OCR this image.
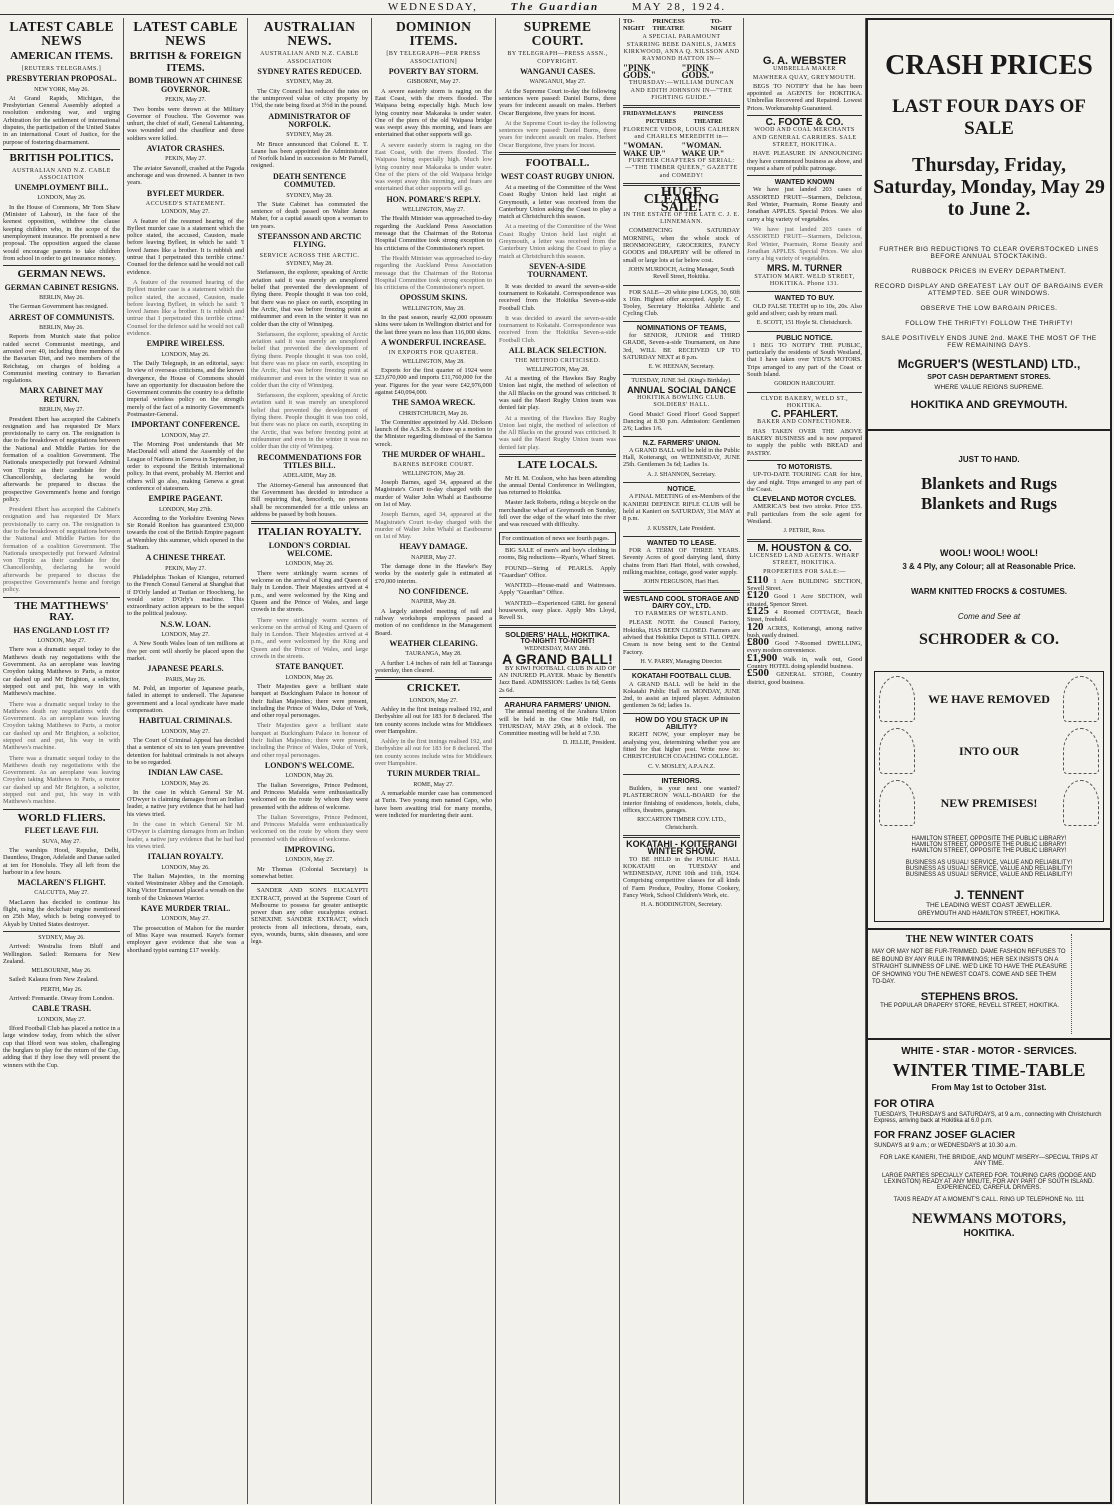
WEDNESDAY,	The Guardian	MAY 28, 1924.
LATEST CABLE NEWS
AMERICAN ITEMS.
[REUTERS TELEGRAMS.]
PRESBYTERIAN PROPOSAL.
NEW YORK, May 26.

At Grand Rapids, Michigan, the Presbyterian General Assembly adopted a resolution endorsing war, and urging Arbitration for the settlement of international disputes, the participation of the United States in an international Court of Justice, for the purpose of fostering disarmament.

BRITISH POLITICS.
AUSTRALIAN AND N.Z. CABLE ASSOCIATION
UNEMPLOYMENT BILL.
LONDON, May 26.

In the House of Commons, Mr Tom Shaw (Minister of Labour), in the face of the keenest opposition, withdrew the clause keeping children who, in the scope of the unemployment insurance. He promised a new proposal. The opposition argued the clause would encourage parents to take children from school in order to get insurance money.

GERMAN NEWS.
GERMAN CABINET RESIGNS.
BERLIN, May 26.

The German Government has resigned.

ARREST OF COMMUNISTS.
BERLIN, May 26.

Reports from Munich state that police raided secret Communist meetings, and arrested over 40, including three members of the Bavarian Diet, and two members of the Reichstag, on charges of holding a Communist meeting contrary to Bavarian regulations.

MARX CABINET MAY RETURN.
BERLIN, May 27.

President Ebert has accepted the Cabinet's resignation and has requested Dr Marx provisionally to carry on. The resignation is due to the breakdown of negotiations between the National and Middle Parties for the formation of a coalition Government. The Nationals unexpectedly put forward Admiral von Tirpitz as their candidate for the Chancellorship, declaring he would afterwards be prepared to discuss the prospective Government's home and foreign policy.

President Ebert has accepted the Cabinet's resignation and has requested Dr Marx provisionally to carry on. The resignation is due to the breakdown of negotiations between the National and Middle Parties for the formation of a coalition Government. The Nationals unexpectedly put forward Admiral von Tirpitz as their candidate for the Chancellorship, declaring he would afterwards be prepared to discuss the prospective Government's home and foreign policy.

THE MATTHEWS' RAY.
HAS ENGLAND LOST IT?
LONDON, May 27.

There was a dramatic sequel today to the Matthews death ray negotiations with the Government. As an aeroplane was leaving Croydon taking Matthews to Paris, a motor car dashed up and Mr Brighton, a solicitor, stepped out and put, his way in with Matthews's machine.

There was a dramatic sequel today to the Matthews death ray negotiations with the Government. As an aeroplane was leaving Croydon taking Matthews to Paris, a motor car dashed up and Mr Brighton, a solicitor, stepped out and put, his way in with Matthews's machine.

There was a dramatic sequel today to the Matthews death ray negotiations with the Government. As an aeroplane was leaving Croydon taking Matthews to Paris, a motor car dashed up and Mr Brighton, a solicitor, stepped out and put, his way in with Matthews's machine.

WORLD FLIERS.
FLEET LEAVE FIJI.
SUVA, May 27.

The warships Hood, Repulse, Delhi, Dauntless, Dragon, Adelaide and Danae sailed at ten for Honolulu. They all left from the harbour in a few hours.

MACLAREN'S FLIGHT.
CALCUTTA, May 27.

MacLaren has decided to continue his flight, using the deckchair engine mentioned on 25th May, which is being conveyed to Akyab by United States destroyer.

SYDNEY, May 26.

Arrived: Westralia from Bluff and Wellington. Sailed: Remuera for New Zealand.

MELBOURNE, May 26.

Sailed: Kalaura from New Zealand.

PERTH, May 26.

Arrived: Fremantle. Otway from London.

CABLE TRASH.
LONDON, May 27.

Ilford Football Club has placed a notice in a large window today, from which the silver cup that Ilford won was stolen, challenging the burglars to play for the return of the Cup, adding that if they lose they will present the winners with the Cup.

LATEST CABLE NEWS
BRITISH & FOREIGN ITEMS.
BOMB THROWN AT CHINESE GOVERNOR.
PEKIN, May 27.

Two bombs were thrown at the Military Governor of Fouchou. The Governor was unhurt, the chief of staff, General Lahtanning, was wounded and the chauffeur and three soldiers were killed.

AVIATOR CRASHES.
PEKIN, May 27.

The aviator Savanoff, crashed at the Pagoda anchorage and was drowned. A banner in two years.

BYFLEET MURDER.
ACCUSED'S STATEMENT.
LONDON, May 27.

A feature of the resumed hearing of the Byfleet murder case is a statement which the police stated, the accused, Causton, made before leaving Byfleet, in which he said: 'I loved James like a brother. It is rubbish and untrue that I perpetrated this terrible crime.' Counsel for the defence said he would not call evidence.

A feature of the resumed hearing of the Byfleet murder case is a statement which the police stated, the accused, Causton, made before leaving Byfleet, in which he said: 'I loved James like a brother. It is rubbish and untrue that I perpetrated this terrible crime.' Counsel for the defence said he would not call evidence.

EMPIRE WIRELESS.
LONDON, May 26.

The Daily Telegraph, in an editorial, says: In view of overseas criticisms, and the known divergence, the House of Commons should have an opportunity for discussion before the Government commits the country to a definite imperial wireless policy on the strength merely of the fact of a minority Government's Postmaster-General.

IMPORTANT CONFERENCE.
LONDON, May 27.

The Morning Post understands that Mr MacDonald will attend the Assembly of the League of Nations in Geneva in September, in order to expound the British international policy. In that event, probably M. Herriot and others will go also, making Geneva a great conference of statesmen.

EMPIRE PAGEANT.
LONDON, May 27th.

According to the Yorkshire Evening News Sir Ronald Ronlton has guaranteed £30,000 towards the cost of the British Empire pageant at Wembley this summer, which opened in the Stadium.

A CHINESE THREAT.
PEKIN, May 27.

Philadelphus Tsokan of Kiangsu, returned to the French Consul General at Shanghai that if D'Orly landed at Tsutian or Hoochieng, he would seize D'Orly's machine. This extraordinary action appears to be the sequel to the political jealousy.

N.S.W. LOAN.
LONDON, May 27.

A New South Wales loan of ten millions at five per cent will shortly be placed upon the market.

JAPANESE PEARLS.
PARIS, May 26.

M. Pold, an importer of Japanese pearls, failed in attempt to undersell. The Japanese government and a local syndicate have made compensation.

HABITUAL CRIMINALS.
LONDON, May 27.

The Court of Criminal Appeal has decided that a sentence of six to ten years preventive detention for habitual criminals is not always to be so regarded.

INDIAN LAW CASE.
LONDON, May 26.

In the case in which General Sir M. O'Dwyer is claiming damages from an Indian leader, a native jury evidence that he had had his views tried.

In the case in which General Sir M. O'Dwyer is claiming damages from an Indian leader, a native jury evidence that he had had his views tried.

ITALIAN ROYALTY.
LONDON, May 26.

The Italian Majesties, in the morning visited Westminster Abbey and the Cenotaph. King Victor Emmanuel placed a wreath on the tomb of the Unknown Warrior.

KAYE MURDER TRIAL.
LONDON, May 27.

The prosecution of Mahon for the murder of Miss Kaye was resumed. Kaye's former employer gave evidence that she was a shorthand typist earning £17 weekly.

AUSTRALIAN NEWS.
AUSTRALIAN AND N.Z. CABLE ASSOCIATION
SYDNEY RATES REDUCED.
SYDNEY, May 28.

The City Council has reduced the rates on the unimproved value of city property by 1½d, the rate being fixed at 3½d in the pound.

ADMINISTRATOR OF NORFOLK.
SYDNEY, May 28.

Mr Bruce announced that Colonel E. T. Leane has been appointed the Administrator of Norfolk Island in succession to Mr Parnell, resigned.

DEATH SENTENCE COMMUTED.
SYDNEY, May 28.

The State Cabinet has commuted the sentence of death passed on Walter James Maher, for a capital assault upon a woman to ten years.

STEFANSSON AND ARCTIC FLYING.
SERVICE ACROSS THE ARCTIC.
SYDNEY, May 28.

Stefansson, the explorer, speaking of Arctic aviation said it was merely an unexplored belief that prevented the development of flying there. People thought it was too cold, but there was no place on earth, excepting in the Arctic, that was before freezing point at midsummer and even in the winter it was no colder than the city of Winnipeg.

Stefansson, the explorer, speaking of Arctic aviation said it was merely an unexplored belief that prevented the development of flying there. People thought it was too cold, but there was no place on earth, excepting in the Arctic, that was before freezing point at midsummer and even in the winter it was no colder than the city of Winnipeg.

Stefansson, the explorer, speaking of Arctic aviation said it was merely an unexplored belief that prevented the development of flying there. People thought it was too cold, but there was no place on earth, excepting in the Arctic, that was before freezing point at midsummer and even in the winter it was no colder than the city of Winnipeg.

RECOMMENDATIONS FOR TITLES BILL.
ADELAIDE, May 28.

The Attorney-General has announced that the Government has decided to introduce a Bill requiring that, henceforth, no persons shall be recommended for a title unless an address be passed by both houses.

ITALIAN ROYALTY.
LONDON'S CORDIAL WELCOME.
LONDON, May 26.

There were strikingly warm scenes of welcome on the arrival of King and Queen of Italy in London. Their Majesties arrived at 4 p.m., and were welcomed by the King and Queen and the Prince of Wales, and large crowds in the streets.

There were strikingly warm scenes of welcome on the arrival of King and Queen of Italy in London. Their Majesties arrived at 4 p.m., and were welcomed by the King and Queen and the Prince of Wales, and large crowds in the streets.

STATE BANQUET.
LONDON, May 26.

Their Majesties gave a brilliant state banquet at Buckingham Palace in honour of their Italian Majesties; there were present, including the Prince of Wales, Duke of York, and other royal personages.

Their Majesties gave a brilliant state banquet at Buckingham Palace in honour of their Italian Majesties; there were present, including the Prince of Wales, Duke of York, and other royal personages.

LONDON'S WELCOME.
LONDON, May 26.

The Italian Sovereigns, Prince Pedmont, and Princess Mafalda were enthusiastically welcomed on the route by whom they were presented with the address of welcome.

The Italian Sovereigns, Prince Pedmont, and Princess Mafalda were enthusiastically welcomed on the route by whom they were presented with the address of welcome.

IMPROVING.
LONDON, May 27.

Mr Thomas (Colonial Secretary) is somewhat better.

SANDER AND SON'S EUCALYPTI EXTRACT, proved at the Supreme Court of Melbourne to possess far greater antiseptic power than any other eucalyptus extract. SENEXINE SANDER EXTRACT, which protects from all infections, throats, ears, eyes, wounds, burns, skin diseases, and sore legs.

DOMINION ITEMS.
[BY TELEGRAPH—PER PRESS ASSOCIATION]
POVERTY BAY STORM.
GISBORNE, May 27.

A severe easterly storm is raging on the East Coast, with the rivers flooded. The Waipaoa being especially high. Much low lying country near Makaraka is under water. One of the piers of the old Waipaoa bridge was swept away this morning, and fears are entertained that other supports will go.

A severe easterly storm is raging on the East Coast, with the rivers flooded. The Waipaoa being especially high. Much low lying country near Makaraka is under water. One of the piers of the old Waipaoa bridge was swept away this morning, and fears are entertained that other supports will go.

HON. POMARE'S REPLY.
WELLINGTON, May 27.

The Health Minister was approached to-day regarding the Auckland Press Association message that the Chairman of the Rotorua Hospital Committee took strong exception to his criticisms of the Commissioner's report.

The Health Minister was approached to-day regarding the Auckland Press Association message that the Chairman of the Rotorua Hospital Committee took strong exception to his criticisms of the Commissioner's report.

OPOSSUM SKINS.
WELLINGTON, May 28.

In the past season, nearly 42,000 opossum skins were taken in Wellington district and for the last three years no less than 116,000 skins.

A WONDERFUL INCREASE.
IN EXPORTS FOR QUARTER.
WELLINGTON, May 28.

Exports for the first quarter of 1924 were £23,670,000 and imports £11,760,000 for the year. Figures for the year were £42,976,000 against £40,094,000.

THE SAMOA WRECK.
CHRISTCHURCH, May 26.

The Committee appointed by Ald. Dickson launch of the A.S.R.S. to draw up a motion to the Minister regarding dismissal of the Samoa wreck.

THE MURDER OF WHAHL.
BARNES BEFORE COURT.
WELLINGTON, May 28.

Joseph Barnes, aged 34, appeared at the Magistrate's Court to-day charged with the murder of Walter John Whahl at Eastbourne on 1st of May.

Joseph Barnes, aged 34, appeared at the Magistrate's Court to-day charged with the murder of Walter John Whahl at Eastbourne on 1st of May.

HEAVY DAMAGE.
NAPIER, May 27.

The damage done in the Hawke's Bay works by the easterly gale is estimated at £70,000 interim.

NO CONFIDENCE.
NAPIER, May 28.

A largely attended meeting of rail and railway workshops employees passed a motion of no confidence in the Management Board.

WEATHER CLEARING.
TAURANGA, May 28.

A further 1.4 inches of rain fell at Tauranga yesterday, then cleared.

CRICKET.
LONDON, May 27.

Ashley in the first innings realised 192, and Derbyshire all out for 183 for 8 declared. The ten county scores include wins for Middlesex over Hampshire.

Ashley in the first innings realised 192, and Derbyshire all out for 183 for 8 declared. The ten county scores include wins for Middlesex over Hampshire.

TURIN MURDER TRIAL.
ROME, May 27.

A remarkable murder case has commenced at Turin. Two young men named Capo, who have been awaiting trial for many months, were indicted for murdering their aunt.

SUPREME COURT.
BY TELEGRAPH—PRESS ASSN., COPYRIGHT.
WANGANUI CASES.
WANGANUI, May 27.

At the Supreme Court to-day the following sentences were passed: Daniel Burns, three years for indecent assault on males. Herbert Oscar Burgstone, five years for incest.

At the Supreme Court to-day the following sentences were passed: Daniel Burns, three years for indecent assault on males. Herbert Oscar Burgstone, five years for incest.

FOOTBALL.
WEST COAST RUGBY UNION.

At a meeting of the Committee of the West Coast Rugby Union held last night at Greymouth, a letter was received from the Canterbury Union asking the Coast to play a match at Christchurch this season.

At a meeting of the Committee of the West Coast Rugby Union held last night at Greymouth, a letter was received from the Canterbury Union asking the Coast to play a match at Christchurch this season.

SEVEN-A-SIDE TOURNAMENT.

It was decided to award the seven-a-side tournament to Kokatahi. Correspondence was received from the Hokitika Seven-a-side Football Club.

It was decided to award the seven-a-side tournament to Kokatahi. Correspondence was received from the Hokitika Seven-a-side Football Club.

ALL BLACK SELECTION.
THE METHOD CRITICISED.
WELLINGTON, May 28.

At a meeting of the Hawkes Bay Rugby Union last night, the method of selection of the All Blacks on the ground was criticised. It was said the Maori Rugby Union team was denied fair play.

At a meeting of the Hawkes Bay Rugby Union last night, the method of selection of the All Blacks on the ground was criticised. It was said the Maori Rugby Union team was denied fair play.

LATE LOCALS.

Mr H. M. Coulson, who has been attending the annual Dental Conference in Wellington, has returned to Hokitika.

Master Jack Roberts, riding a bicycle on the merchandise wharf at Greymouth on Sunday, fell over the edge of the wharf into the river and was rescued with difficulty.

For continuation of news see fourth pages.

BIG SALE of men's and boy's clothing in rooms, Big reductions—Ryan's, Wharf Street.

FOUND—String of PEARLS. Apply "Guardian" Office.

WANTED—House-maid and Waitresses. Apply "Guardian" Office.

WANTED—Experienced GIRL for general housework, easy place. Apply Mrs Lloyd, Revell St.

SOLDIERS' HALL, HOKITIKA.
TO-NIGHT! TO-NIGHT!
WEDNESDAY, MAY 28th.
A GRAND BALL!

BY KIWI FOOTBALL CLUB IN AID OF AN INJURED PLAYER. Music by Benetti's Jazz Band. ADMISSION: Ladies 1s 6d; Gents 2s 6d.

ARAHURA FARMERS' UNION.

The annual meeting of the Arahura Union will be held in the One Mile Hall, on THURSDAY, MAY 29th, at 8 o'clock. The Committee meeting will be held at 7.30.

D. JELLIE, President.
TO-NIGHT
PRINCESS THEATRE
TO-NIGHT
A SPECIAL PARAMOUNT
STARRING BEBE DANIELS, JAMES KIRKWOOD, ANNA Q. NILSSON AND RAYMOND HATTON IN—
"PINK GODS."
"PINK GODS."
THURSDAY:—WILLIAM DUNCAN AND EDITH JOHNSON IN—"THE FIGHTING GUIDE."
FRIDAY McLEAN'S PICTURES
PRINCESS THEATRE
FLORENCE VIDOR, LOUIS CALHERN and CHARLES MEREDITH in—
"WOMAN. WAKE UP."
"WOMAN. WAKE UP."
FURTHER CHAPTERS OF SERIAL:—"THE TIMBER QUEEN," GAZETTE and COMEDY!
HUGE CLEARING SALE!
IN THE ESTATE OF THE LATE C. J. E. LINNEMANN.

COMMENCING SATURDAY MORNING, when the whole stock of IRONMONGERY, GROCERIES, FANCY GOODS and DRAPERY will be offered in small or large lots at far below cost.

JOHN MURDOCH, Acting Manager, South Revell Street, Hokitika.

FOR SALE—20 white pine LOGS, 30, 60ft x 16in. Highest offer accepted. Apply E. C. Tooley, Secretary Hokitika Athletic and Cycling Club.

NOMINATIONS OF TEAMS,

for SENIOR, JUNIOR and THIRD GRADE, Seven-a-side Tournament, on June 3rd, WILL BE RECEIVED UP TO SATURDAY NEXT at 8 p.m.

E. W. HEENAN, Secretary.
TUESDAY, JUNE 3rd. (King's Birthday).
ANNUAL SOCIAL DANCE
HOKITIKA BOWLING CLUB. SOLDIERS' HALL.

Good Music! Good Floor! Good Supper! Dancing at 8.30 p.m. Admission: Gentlemen 2/6; Ladies 1/6.

N.Z. FARMERS' UNION.

A GRAND BALL will be held in the Public Hall, Koiterangi, on WEDNESDAY, JUNE 25th. Gentlemen 3s 6d; Ladies 1s.

A. J. SHANNON, Secretary.
NOTICE.

A FINAL MEETING of ex-Members of the KANIERI DEFENCE RIFLE CLUB will be held at Kanieri on SATURDAY, 31st MAY at 8 p.m.

J. KUSSEN, Late President.
WANTED TO LEASE.

FOR A TERM OF THREE YEARS. Seventy Acres of good dairying land, thirty chains from Hari Hari Hotel, with cowshed, milking machine, cottage, good water supply.

JOHN FERGUSON, Hari Hari.
WESTLAND COOL STORAGE AND DAIRY COY., LTD.
TO FARMERS OF WESTLAND.

PLEASE NOTE the Council Factory, Hokitika, HAS BEEN CLOSED. Farmers are advised that Hokitika Depot is STILL OPEN. Cream is now being sent to the Central Factory.

H. V. PARRY, Managing Director.
KOKATAHI FOOTBALL CLUB.

A GRAND BALL will be held in the Kokatahi Public Hall on MONDAY, JUNE 2nd, to assist an injured player. Admission gentlemen 3s 6d; ladies 1s.

HOW DO YOU STACK UP IN ABILITY?

RIGHT NOW, your employer may be analysing you, determining whether you are fitted for that higher post. Write now to: CHRISTCHURCH COACHING COLLEGE.

C. V. MOSLEY, A.P.A.N.Z.
INTERIORS.

Builders, is your next one wanted? PLASTERCRON WALL-BOARD for the interior finishing of residences, hotels, clubs, offices, theatres, garages.

RICCARTON TIMBER COY. LTD., Christchurch.
KOKATAHI - KOITERANGI WINTER SHOW.

TO BE HELD in the PUBLIC HALL KOKATAHI on TUESDAY and WEDNESDAY, JUNE 10th and 11th, 1924. Comprising competitive classes for all kinds of Farm Produce, Poultry, Home Cookery, Fancy Work, School Children's Work, etc.

H. A. BODDINGTON, Secretary.
G. A. WEBSTER
UMBRELLA MAKER
MAWHERA QUAY, GREYMOUTH.

BEGS TO NOTIFY that he has been appointed as AGENTS for HOKITIKA. Umbrellas Recovered and Repaired. Lowest Prices. Workmanship Guaranteed.

C. FOOTE & CO.
WOOD AND COAL MERCHANTS AND GENERAL CARRIERS. SALE STREET, HOKITIKA.

HAVE PLEASURE IN ANNOUNCING they have commenced business as above, and request a share of public patronage.

WANTED KNOWN

We have just landed 203 cases of ASSORTED FRUIT—Starmers, Delicious, Red Winter, Pearmain, Rome Beauty and Jonathan APPLES. Special Prices. We also carry a big variety of vegetables.

We have just landed 203 cases of ASSORTED FRUIT—Starmers, Delicious, Red Winter, Pearmain, Rome Beauty and Jonathan APPLES. Special Prices. We also carry a big variety of vegetables.

MRS. M. TURNER
STATION MART. WELD STREET, HOKITIKA. Phone 131.
WANTED TO BUY.

OLD FALSE TEETH up to 10s, 20s. Also gold and silver; cash by return mail.

E. SCOTT, 151 Hoyle St. Christchurch.
PUBLIC NOTICE.

I BEG TO NOTIFY THE PUBLIC, particularly the residents of South Westland, that I have taken over YDU'S MOTORS. Trips arranged to any part of the Coast or South Island.

GORDON HARCOURT.
CLYDE BAKERY, WELD ST., HOKITIKA.
C. PFAHLERT.
BAKER AND CONFECTIONER.

HAS TAKEN OVER THE ABOVE BAKERY BUSINESS and is now prepared to supply the public with BREAD and PASTRY.

TO MOTORISTS.

UP-TO-DATE TOURING CAR for hire, day and night. Trips arranged to any part of the Coast.

CLEVELAND MOTOR CYCLES.

AMERICA'S best two stroke. Price £55. Full particulars from the sole agent for Westland.

J. PETRIE, Ross.
M. HOUSTON & CO.
LICENSED LAND AGENTS. WHARF STREET, HOKITIKA.
PROPERTIES FOR SALE:—
£110 1 Acre BUILDING SECTION, Sewell Street.
£120 Good 1 Acre SECTION, well situated, Spencer Street.
£125 4 Roomed COTTAGE, Beach Street, freehold.
120 ACRES, Koiterangi, among native bush, easily drained.
£800 Good 7-Roomed DWELLING, every modern convenience.
£1,900 Walk in, walk out, Good Country HOTEL doing splendid business.
£500 GENERAL STORE, Country district, good business.
CRASH PRICES
LAST FOUR DAYS OF SALE
Thursday, Friday, Saturday, Monday, May 29 to June 2.
FURTHER BIG REDUCTIONS TO CLEAR OVERSTOCKED LINES BEFORE ANNUAL STOCKTAKING.
RUBBOCK PRICES IN EVERY DEPARTMENT.
RECORD DISPLAY AND GREATEST LAY OUT OF BARGAINS EVER ATTEMPTED. SEE OUR WINDOWS.
OBSERVE THE LOW BARGAIN PRICES.
FOLLOW THE THRIFTY! FOLLOW THE THRIFTY!
SALE POSITIVELY ENDS JUNE 2nd. MAKE THE MOST OF THE FEW REMAINING DAYS.
McGRUER'S (WESTLAND) LTD.,
SPOT CASH DEPARTMENT STORES.
WHERE VALUE REIGNS SUPREME.
HOKITIKA AND GREYMOUTH.
JUST TO HAND.
Blankets and Rugs
Blankets and Rugs
WOOL! WOOL! WOOL!
3 & 4 Ply, any Colour; all at Reasonable Price.
WARM KNITTED FROCKS & COSTUMES.
Come and See at
SCHRODER & CO.
WE HAVE REMOVED
INTO OUR
NEW PREMISES!
HAMILTON STREET, OPPOSITE THE PUBLIC LIBRARY!
HAMILTON STREET, OPPOSITE THE PUBLIC LIBRARY!
HAMILTON STREET, OPPOSITE THE PUBLIC LIBRARY!
BUSINESS AS USUAL! SERVICE, VALUE AND RELIABILITY!
BUSINESS AS USUAL! SERVICE, VALUE AND RELIABILITY!
BUSINESS AS USUAL! SERVICE, VALUE AND RELIABILITY!
J. TENNENT
THE LEADING WEST COAST JEWELLER.
GREYMOUTH AND HAMILTON STREET, HOKITIKA.
THE NEW WINTER COATS
MAY OR MAY NOT BE FUR-TRIMMED. DAME FASHION REFUSES TO BE BOUND BY ANY RULE IN TRIMMINGS; HER SEX INSISTS ON A STRAIGHT SLIMNESS OF LINE. WE'D LIKE TO HAVE THE PLEASURE OF SHOWING YOU THE NEWEST COATS. COME AND SEE THEM TO-DAY.
STEPHENS BROS.
THE POPULAR DRAPERY STORE, REVELL STREET, HOKITIKA.
WHITE - STAR - MOTOR - SERVICES.
WINTER TIME-TABLE
From May 1st to October 31st.
FOR OTIRA
TUESDAYS, THURSDAYS and SATURDAYS, at 9 a.m., connecting with Christchurch Express, arriving back at Hokitika at 6.0 p.m.
FOR FRANZ JOSEF GLACIER
SUNDAYS at 9 a.m.; or WEDNESDAYS at 10.30 a.m.
FOR LAKE KANIERI, THE BRIDGE, AND MOUNT MISERY—SPECIAL TRIPS AT ANY TIME.
LARGE PARTIES SPECIALLY CATERED FOR. TOURING CARS (DODGE AND LEXINGTON) READY AT ANY MINUTE, FOR ANY PART OF SOUTH ISLAND. EXPERIENCED, CAREFUL DRIVERS.
TAXIS READY AT A MOMENT'S CALL. RING UP TELEPHONE No. 111
NEWMANS MOTORS,
HOKITIKA.
